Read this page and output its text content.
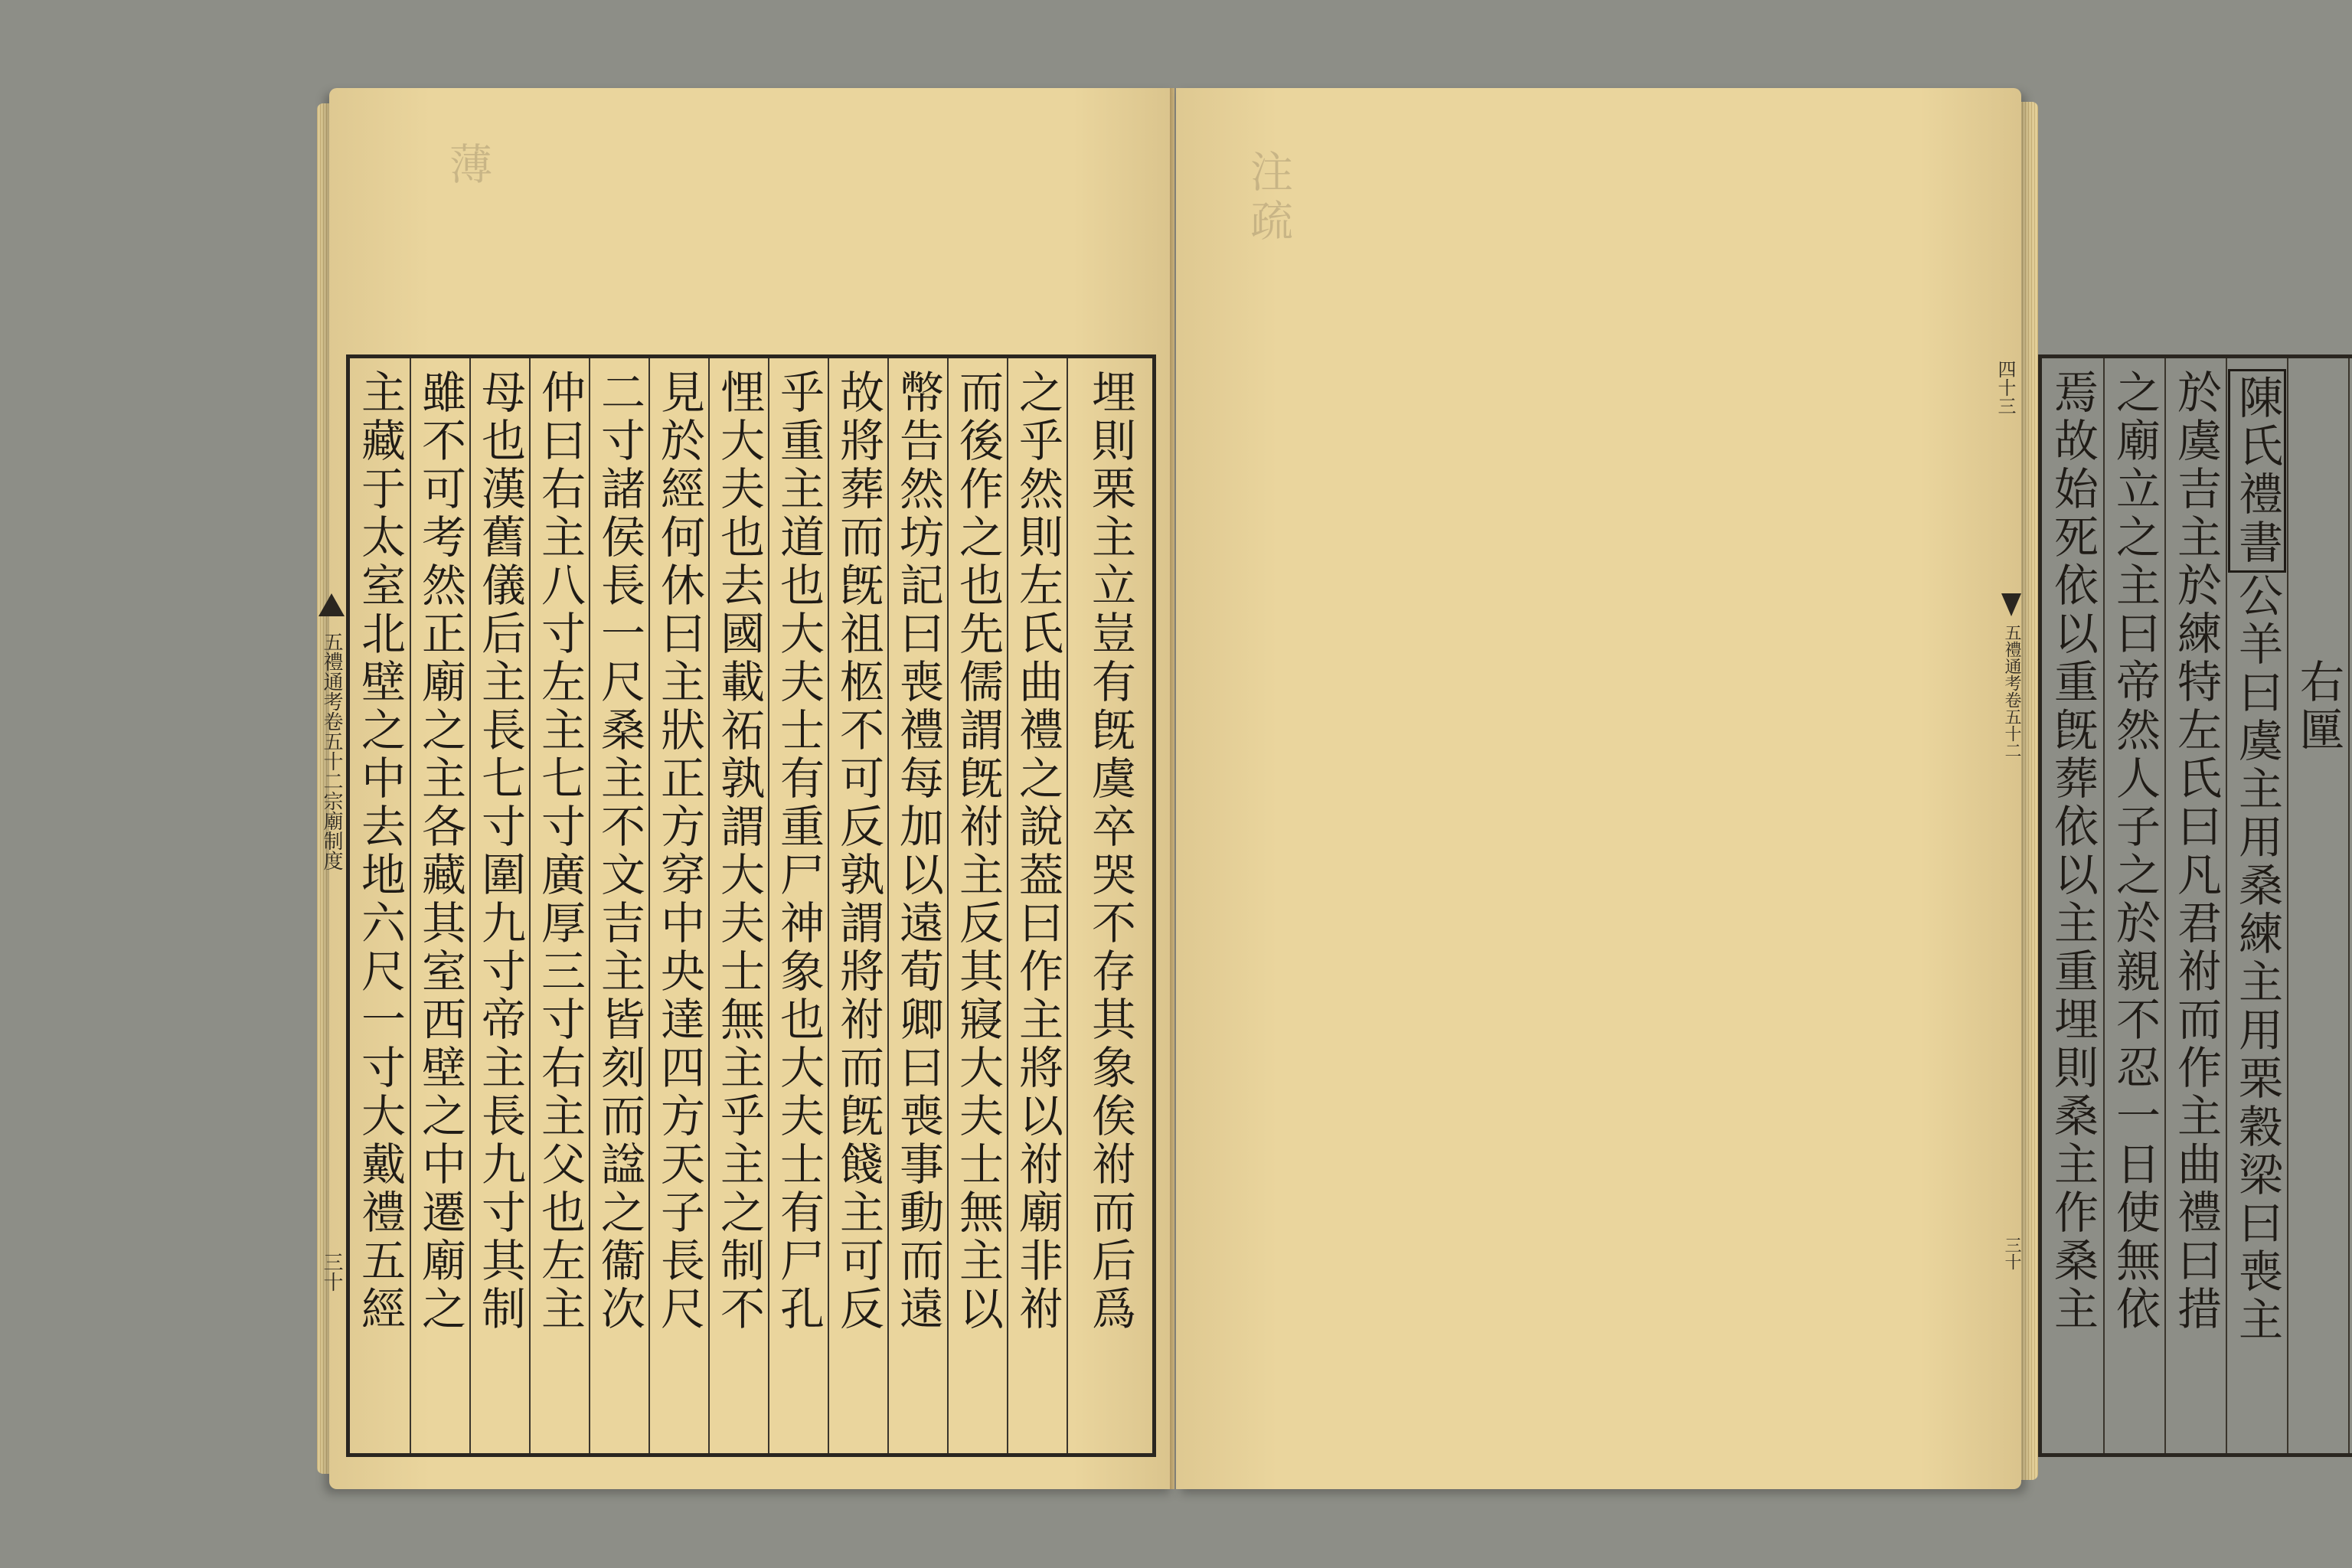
薄
主藏于太室北壁之中去地六尺一寸大戴禮五經 雖不可考然正廟之主各藏其室西壁之中遷廟之 母也漢舊儀后主長七寸圍九寸帝主長九寸其制 仲曰右主八寸左主七寸廣厚三寸右主父也左主 二寸諸侯長一尺桑主不文吉主皆刻而諡之衞次 見於經何休曰主狀正方穿中央達四方天子長尺 悝大夫也去國載祏孰謂大夫士無主乎主之制不 乎重主道也大夫士有重尸神象也大夫士有尸孔 故將葬而旣祖柩不可反孰謂將祔而旣餞主可反 幣告然坊記曰喪禮每加以遠荀卿曰喪事動而遠 而後作之也先儒謂旣祔主反其寢大夫士無主以 之乎然則左氏曲禮之說葢曰作主將以祔廟非祔 埋則栗主立豈有旣虞卒哭不存其象俟祔而后爲
注疏
焉故始死依以重旣葬依以主重埋則桑主作桑主 之廟立之主曰帝然人子之於親不忍一日使無依 於虞吉主於練特左氏曰凡君祔而作主曲禮曰措 陳氏禮書公羊曰虞主用桑練主用栗穀梁曰喪主
　　　　　　右匰
四十三
五禮通考卷五十二
三十
五禮通考卷五十二宗廟制度
三十
